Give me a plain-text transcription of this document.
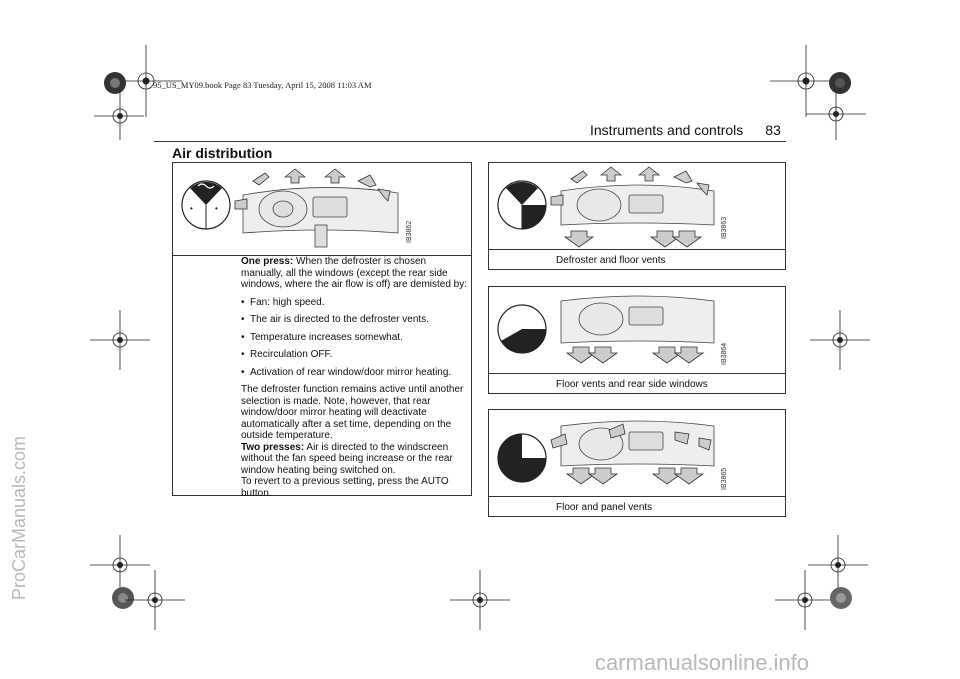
95_US_MY09.book Page 83 Tuesday, April 15, 2008 11:03 AM
Instruments and controls 83
Air distribution
•	•
IB3862

One press: When the defroster is chosen manually, all the windows (except the rear side windows, where the air flow is off) are demisted by:

• Fan: high speed.
• The air is directed to the defroster vents.
• Temperature increases somewhat.
• Recirculation OFF.
• Activation of rear window/door mirror heating.

The defroster function remains active until another selection is made. Note, however, that rear window/door mirror heating will deactivate automatically after a set time, depending on the outside temperature.
Two presses: Air is directed to the windscreen without the fan speed being increase or the rear window heating being switched on.
To revert to a previous setting, press the AUTO button.

IB3863
Defroster and floor vents
IB3864
Floor vents and rear side windows
IB3865
Floor and panel vents
ProCarManuals.com
carmanualsonline.info
